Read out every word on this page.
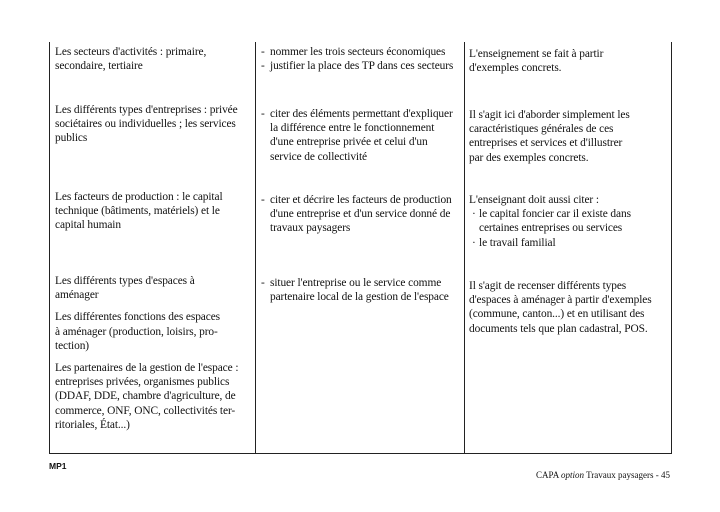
Les secteurs d'activités : primaire,
secondaire, tertiaire
- nommer les trois secteurs économiques
- justifier la place des TP dans ces secteurs
L'enseignement se fait à partir
d'exemples concrets.
Les différents types d'entreprises : privée
sociétaires ou individuelles ; les services
publics
- citer des éléments permettant d'expliquer
la différence entre le fonctionnement
d'une entreprise privée et celui d'un
service de collectivité
Il s'agit ici d'aborder simplement les
caractéristiques générales de ces
entreprises et services et d'illustrer
par des exemples concrets.
Les facteurs de production : le capital
technique (bâtiments, matériels) et le
capital humain
- citer et décrire les facteurs de production
d'une entreprise et d'un service donné de
travaux paysagers
L'enseignant doit aussi citer :
· le capital foncier car il existe dans
certaines entreprises ou services
· le travail familial
Les différents types d'espaces à
aménager
Les différentes fonctions des espaces
à aménager (production, loisirs, pro-
tection)
Les partenaires de la gestion de l'espace :
entreprises privées, organismes publics
(DDAF, DDE, chambre d'agriculture, de
commerce, ONF, ONC, collectivités ter-
ritoriales, État...)
- situer l'entreprise ou le service comme
partenaire local de la gestion de l'espace
Il s'agit de recenser différents types
d'espaces à aménager à partir d'exemples
(commune, canton...) et en utilisant des
documents tels que plan cadastral, POS.
MP1
CAPA option Travaux paysagers - 45
